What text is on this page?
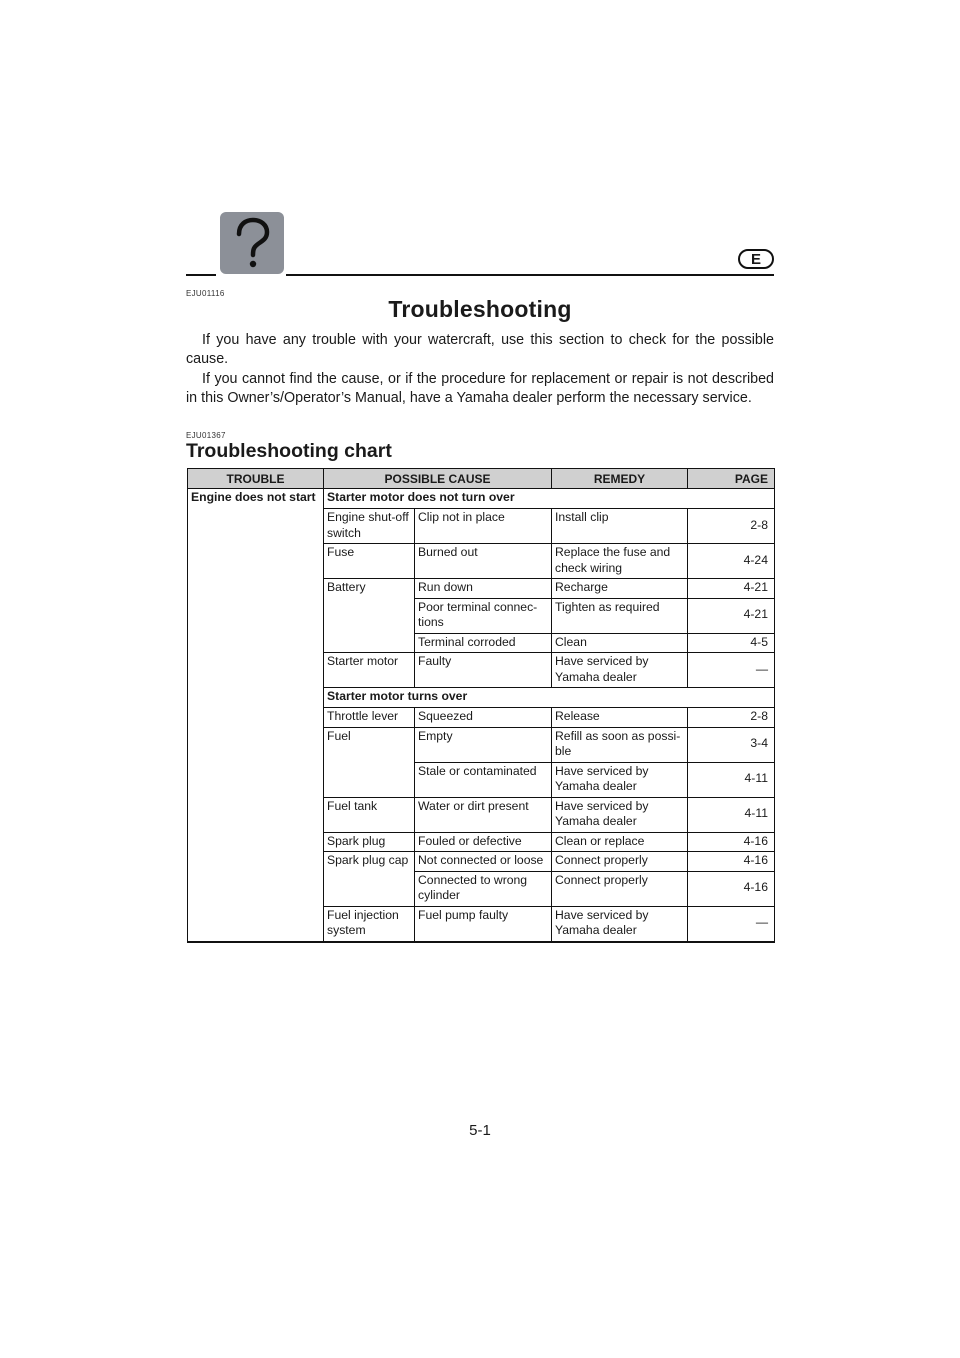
E
EJU01116
Troubleshooting
If you have any trouble with your watercraft, use this section to check for the possible cause.
If you cannot find the cause, or if the procedure for replacement or repair is not described in this Owner’s/Operator’s Manual, have a Yamaha dealer perform the necessary service.
EJU01367
Troubleshooting chart
TROUBLE	POSSIBLE CAUSE		REMEDY	PAGE
Engine does not start	Starter motor does not turn over			
	Engine shut-off switch	Clip not in place	Install clip	2-8
	Fuse	Burned out	Replace the fuse and check wiring	4-24
	Battery	Run down	Recharge	4-21
		Poor terminal connec-tions	Tighten as required	4-21
		Terminal corroded	Clean	4-5
	Starter motor	Faulty	Have serviced by Yamaha dealer	—
	Starter motor turns over			
	Throttle lever	Squeezed	Release	2-8
	Fuel	Empty	Refill as soon as possi-ble	3-4
		Stale or contaminated	Have serviced by Yamaha dealer	4-11
	Fuel tank	Water or dirt present	Have serviced by Yamaha dealer	4-11
	Spark plug	Fouled or defective	Clean or replace	4-16
	Spark plug cap	Not connected or loose	Connect properly	4-16
		Connected to wrong cylinder	Connect properly	4-16
	Fuel injection system	Fuel pump faulty	Have serviced by Yamaha dealer	—
5-1
